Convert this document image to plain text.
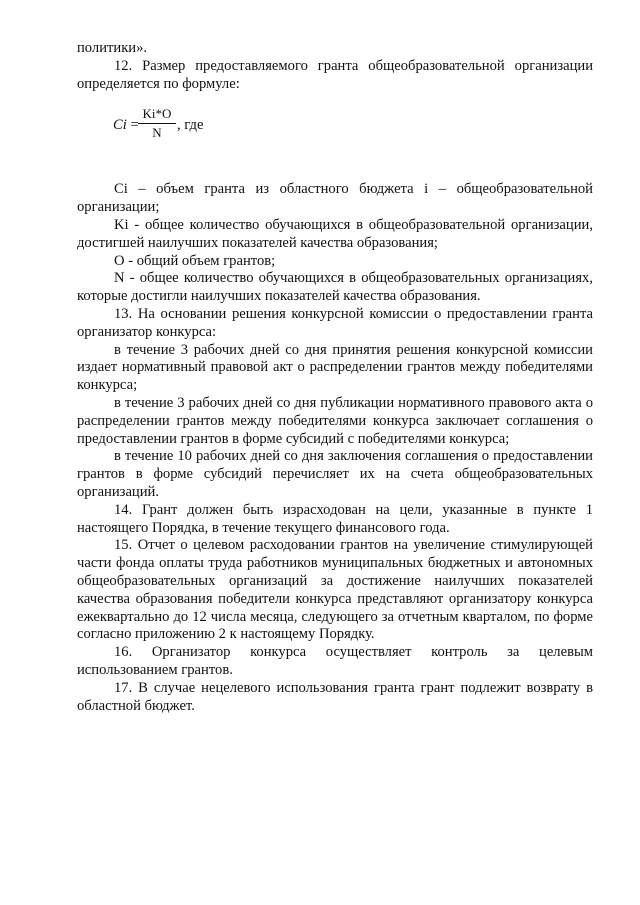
политики».

12. Размер предоставляемого гранта общеобразовательной организации определяется по формуле:

$Ci = \frac{Ki*O}{N}$ , где

Ci – объем гранта из областного бюджета i – общеобразовательной организации;

Ki - общее количество обучающихся в общеобразовательной организации, достигшей наилучших показателей качества образования;

O - общий объем грантов;

N - общее количество обучающихся в общеобразовательных организациях, которые достигли наилучших показателей качества образования.

13. На основании решения конкурсной комиссии о предоставлении гранта организатор конкурса:

в течение 3 рабочих дней со дня принятия решения конкурсной комиссии издает нормативный правовой акт о распределении грантов между победителями конкурса;

в течение 3 рабочих дней со дня публикации нормативного правового акта о распределении грантов между победителями конкурса заключает соглашения о предоставлении грантов в форме субсидий с победителями конкурса;

в течение 10 рабочих дней со дня заключения соглашения о предоставлении грантов в форме субсидий перечисляет их на счета общеобразовательных организаций.

14. Грант должен быть израсходован на цели, указанные в пункте 1 настоящего Порядка, в течение текущего финансового года.

15. Отчет о целевом расходовании грантов на увеличение стимулирующей части фонда оплаты труда работников муниципальных бюджетных и автономных общеобразовательных организаций за достижение наилучших показателей качества образования победители конкурса представляют организатору конкурса ежеквартально до 12 числа месяца, следующего за отчетным кварталом, по форме согласно приложению 2 к настоящему Порядку.

16. Организатор конкурса осуществляет контроль за целевым использованием грантов.

17. В случае нецелевого использования гранта грант подлежит возврату в областной бюджет.
